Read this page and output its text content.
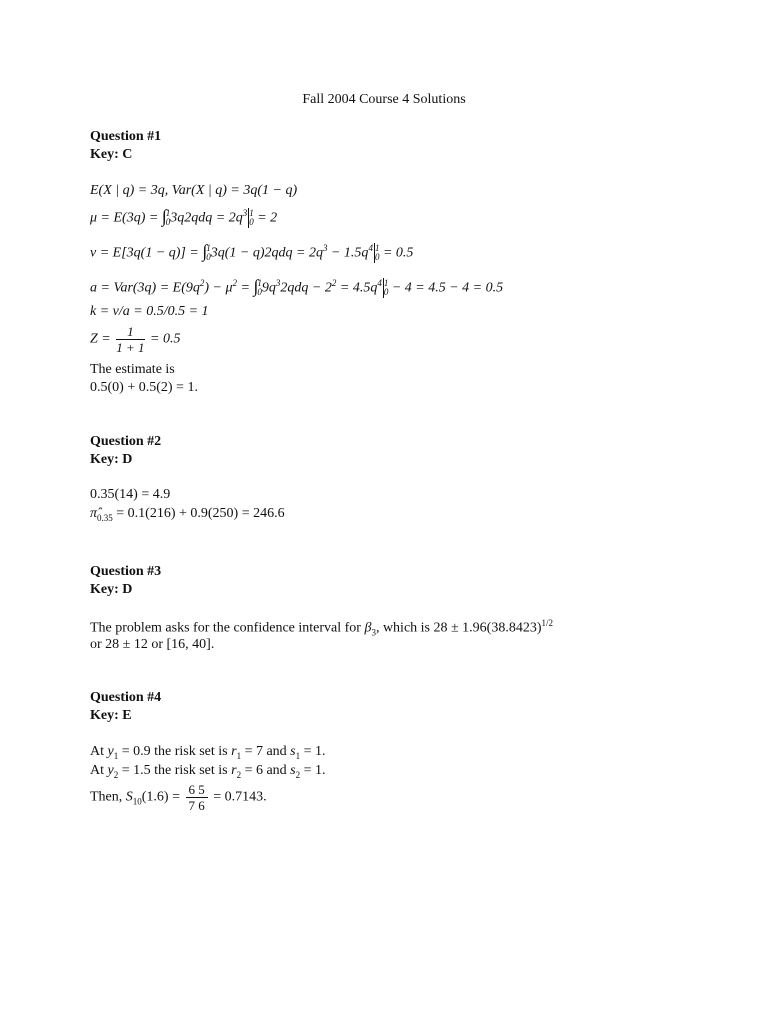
Fall 2004 Course 4 Solutions
Question #1
Key: C
E(X | q) = 3q, Var(X | q) = 3q(1 − q)
μ = E(3q) = ∫ 1
0 $3q2qdq = 2q^3$ 1
0 = 2
v = E[3q(1 − q)] = ∫ 1
0 $3q(1 - q)2qdq = 2q^3 - 1.5q^4$ 1
0 = 0.5
$a = Var(3q) = E(9q^2) - \mu^2$ = ∫ 1
0 $9q^32qdq - 2^2 = 4.5q^4$ 1
0 − 4 = 4.5 − 4 = 0.5
k = v/a = 0.5/0.5 = 1
$Z = \frac{1}{1 + 1} = 0.5$
The estimate is
0.5(0) + 0.5(2) = 1.
Question #2
Key: D
0.35(14) = 4.9
$\pî_{0.35} = 0.1(216) + 0.9(250) = 246.6$
Question #3
Key: D
The problem asks for the confidence interval for $\beta_3$, which is $28 \pm 1.96(38.8423)^{1/2}$
or 28 ± 12 or [16, 40].
Question #4
Key: E
At $y_1 = 0.9$ the risk set is $r_1 = 7$ and $s_1 = 1$.
At $y_2 = 1.5$ the risk set is $r_2 = 6$ and $s_2 = 1$.
Then, $S_{10}(1.6) = \frac{6 5}{7 6} = 0.7143$.
